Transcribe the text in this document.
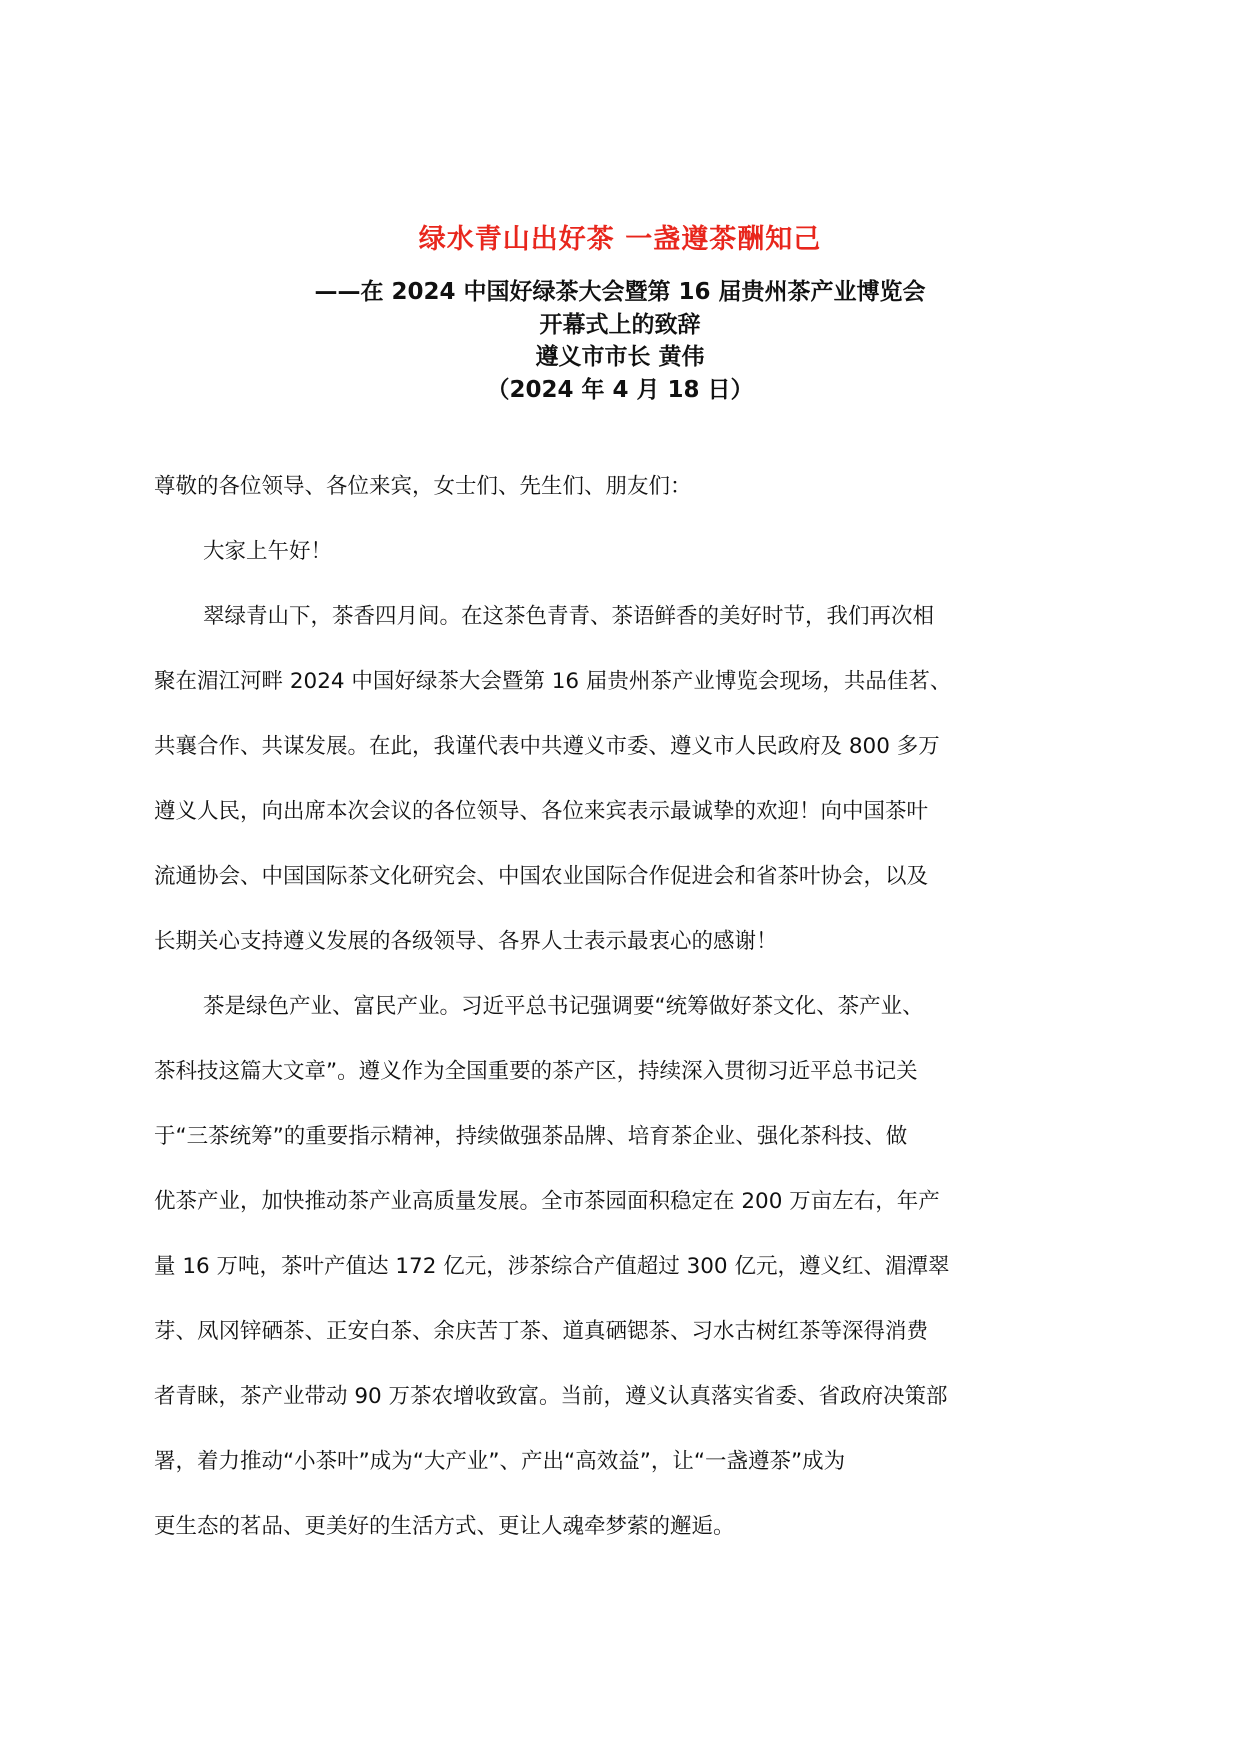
绿水青山出好茶 一盏遵茶酬知己
——在 2024 中国好绿茶大会暨第 16 届贵州茶产业博览会
开幕式上的致辞
遵义市市长 黄伟
（2024 年 4 月 18 日）

尊敬的各位领导、各位来宾，女士们、先生们、朋友们：

大家上午好！

翠绿青山下，茶香四月间。在这茶色青青、茶语鲜香的美好时节，我们再次相
聚在湄江河畔 2024 中国好绿茶大会暨第 16 届贵州茶产业博览会现场，共品佳茗、
共襄合作、共谋发展。在此，我谨代表中共遵义市委、遵义市人民政府及 800 多万
遵义人民，向出席本次会议的各位领导、各位来宾表示最诚挚的欢迎！向中国茶叶
流通协会、中国国际茶文化研究会、中国农业国际合作促进会和省茶叶协会，以及
长期关心支持遵义发展的各级领导、各界人士表示最衷心的感谢！

茶是绿色产业、富民产业。习近平总书记强调要“统筹做好茶文化、茶产业、
茶科技这篇大文章”。遵义作为全国重要的茶产区，持续深入贯彻习近平总书记关
于“三茶统筹”的重要指示精神，持续做强茶品牌、培育茶企业、强化茶科技、做
优茶产业，加快推动茶产业高质量发展。全市茶园面积稳定在 200 万亩左右，年产
量 16 万吨，茶叶产值达 172 亿元，涉茶综合产值超过 300 亿元，遵义红、湄潭翠
芽、凤冈锌硒茶、正安白茶、余庆苦丁茶、道真硒锶茶、习水古树红茶等深得消费
者青睐，茶产业带动 90 万茶农增收致富。当前，遵义认真落实省委、省政府决策部
署，着力推动“小茶叶”成为“大产业”、产出“高效益”，让“一盏遵茶”成为
更生态的茗品、更美好的生活方式、更让人魂牵梦萦的邂逅。
